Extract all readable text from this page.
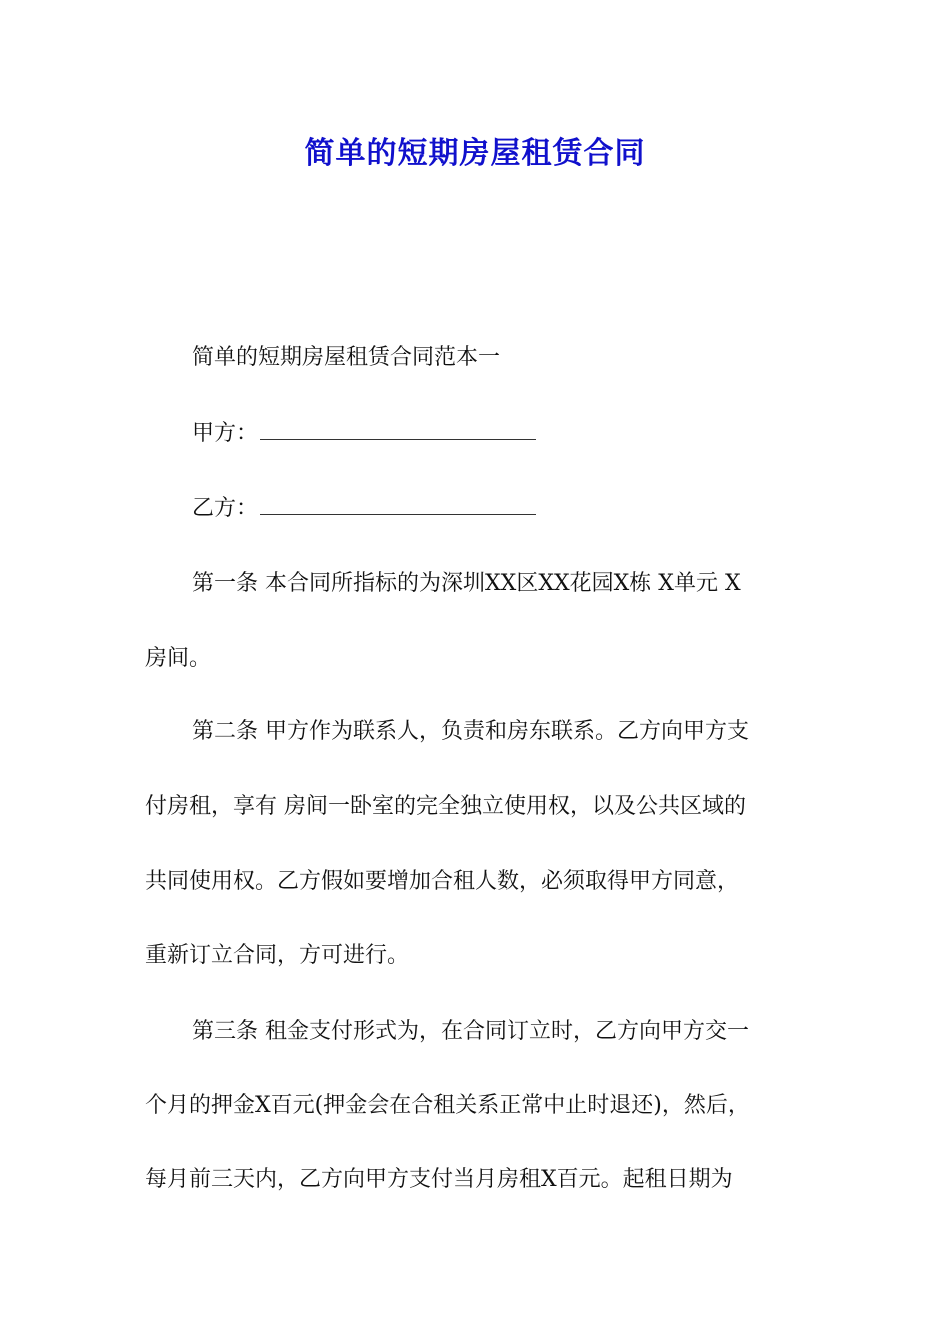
简单的短期房屋租赁合同
简单的短期房屋租赁合同范本一
甲方：
乙方：
第一条 本合同所指标的为深圳XX区XX花园X栋 X单元 X
房间。
第二条 甲方作为联系人，负责和房东联系。乙方向甲方支
付房租，享有 房间一卧室的完全独立使用权，以及公共区域的
共同使用权。乙方假如要增加合租人数，必须取得甲方同意，
重新订立合同，方可进行。
第三条 租金支付形式为，在合同订立时，乙方向甲方交一
个月的押金X百元(押金会在合租关系正常中止时退还)，然后，
每月前三天内，乙方向甲方支付当月房租X百元。起租日期为
